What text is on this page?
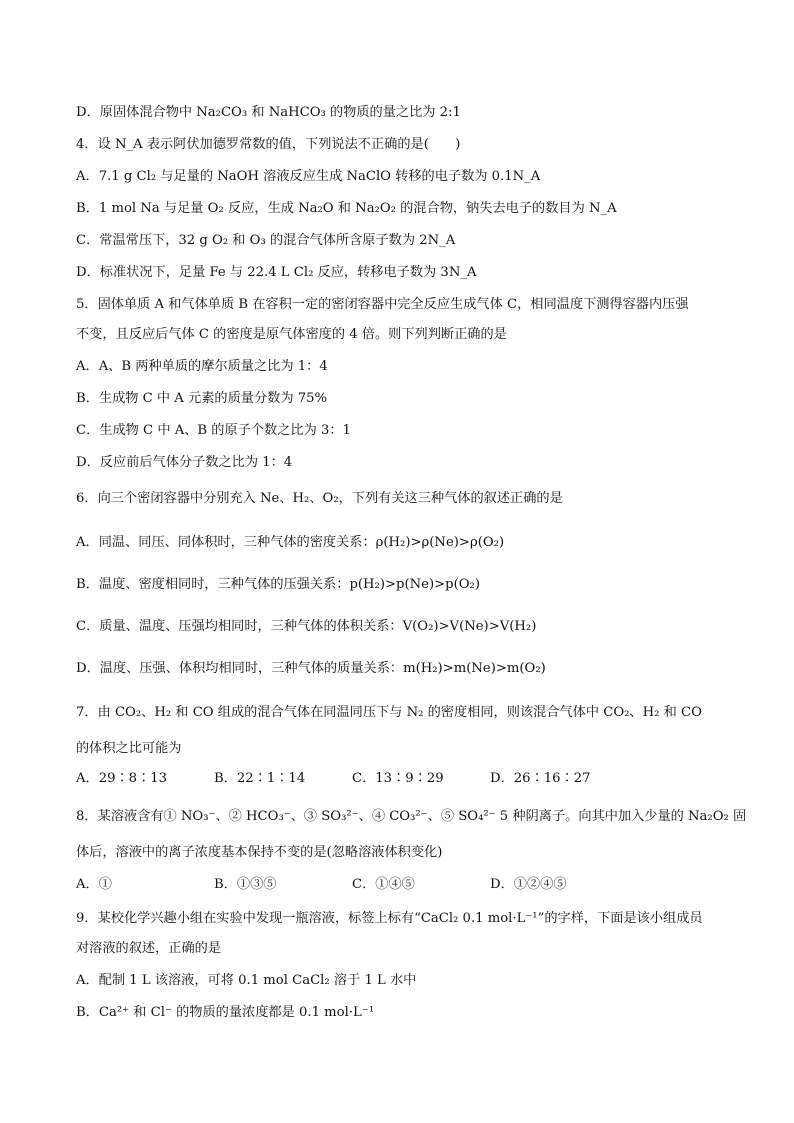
D．原固体混合物中 Na₂CO₃ 和 NaHCO₃ 的物质的量之比为 2:1
4．设 N_A 表示阿伏加德罗常数的值，下列说法不正确的是(　　)
A．7.1 g Cl₂ 与足量的 NaOH 溶液反应生成 NaClO 转移的电子数为 0.1N_A
B．1 mol Na 与足量 O₂ 反应，生成 Na₂O 和 Na₂O₂ 的混合物，钠失去电子的数目为 N_A
C．常温常压下，32 g O₂ 和 O₃ 的混合气体所含原子数为 2N_A
D．标准状况下，足量 Fe 与 22.4 L Cl₂ 反应，转移电子数为 3N_A
5．固体单质 A 和气体单质 B 在容积一定的密闭容器中完全反应生成气体 C，相同温度下测得容器内压强
不变，且反应后气体 C 的密度是原气体密度的 4 倍。则下列判断正确的是
A．A、B 两种单质的摩尔质量之比为 1：4
B．生成物 C 中 A 元素的质量分数为 75%
C．生成物 C 中 A、B 的原子个数之比为 3：1
D．反应前后气体分子数之比为 1：4
6．向三个密闭容器中分别充入 Ne、H₂、O₂，下列有关这三种气体的叙述正确的是
A．同温、同压、同体积时，三种气体的密度关系：ρ(H₂)>ρ(Ne)>ρ(O₂)
B．温度、密度相同时，三种气体的压强关系：p(H₂)>p(Ne)>p(O₂)
C．质量、温度、压强均相同时，三种气体的体积关系：V(O₂)>V(Ne)>V(H₂)
D．温度、压强、体积均相同时，三种气体的质量关系：m(H₂)>m(Ne)>m(O₂)
7．由 CO₂、H₂ 和 CO 组成的混合气体在同温同压下与 N₂ 的密度相同，则该混合气体中 CO₂、H₂ 和 CO
的体积之比可能为
A．29∶8∶13	B．22∶1∶14	C．13∶9∶29	D．26∶16∶27
8．某溶液含有① NO₃⁻、② HCO₃⁻、③ SO₃²⁻、④ CO₃²⁻、⑤ SO₄²⁻ 5 种阴离子。向其中加入少量的 Na₂O₂ 固
体后，溶液中的离子浓度基本保持不变的是(忽略溶液体积变化)
A．①	B．①③⑤	C．①④⑤	D．①②④⑤
9．某校化学兴趣小组在实验中发现一瓶溶液，标签上标有“CaCl₂ 0.1 mol·L⁻¹”的字样，下面是该小组成员
对溶液的叙述，正确的是
A．配制 1 L 该溶液，可将 0.1 mol CaCl₂ 溶于 1 L 水中
B．Ca²⁺ 和 Cl⁻ 的物质的量浓度都是 0.1 mol·L⁻¹
